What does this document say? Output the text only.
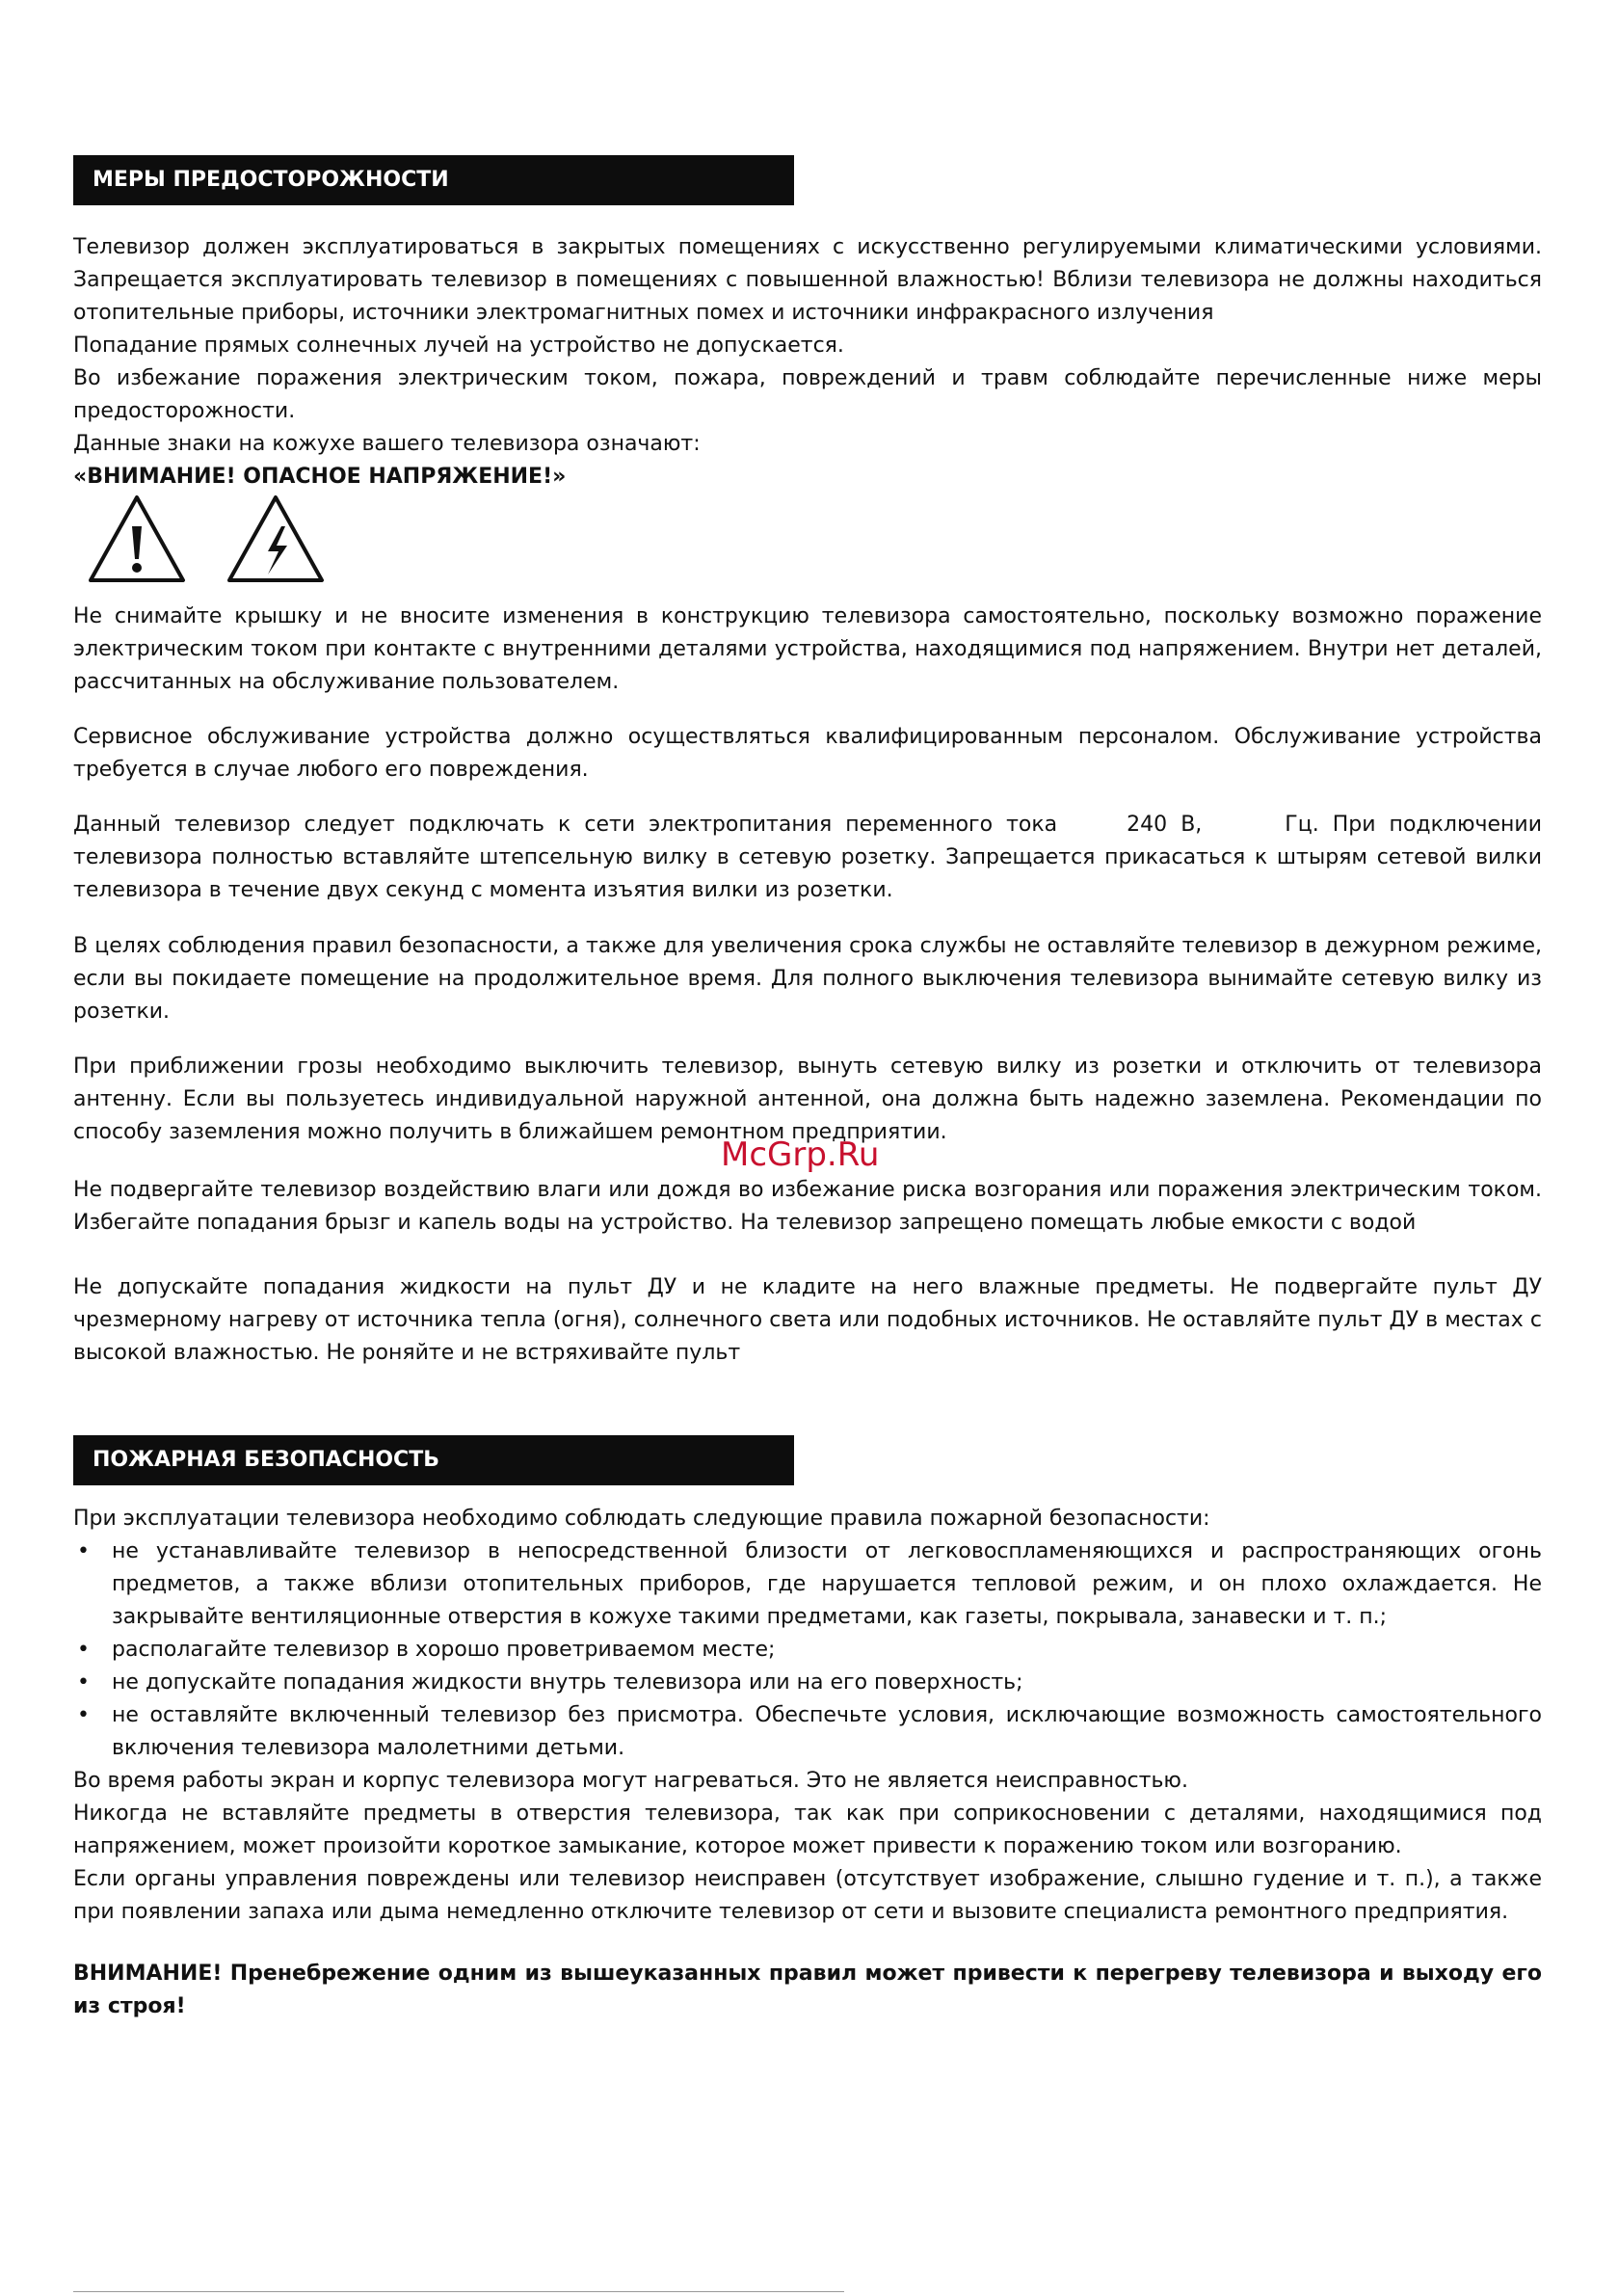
МЕРЫ ПРЕДОСТОРОЖНОСТИ

Телевизор должен эксплуатироваться в закрытых помещениях с искусственно регулируемыми климатическими условиями. Запрещается эксплуатировать телевизор в помещениях с повышенной влажностью! Вблизи телевизора не должны находиться отопительные приборы, источники электромагнитных помех и источники инфракрасного излучения

Попадание прямых солнечных лучей на устройство не допускается.

Во избежание поражения электрическим током, пожара, повреждений и травм соблюдайте перечисленные ниже меры предосторожности.

Данные знаки на кожухе вашего телевизора означают:

«ВНИМАНИЕ! ОПАСНОЕ НАПРЯЖЕНИЕ!»

Не снимайте крышку и не вносите изменения в конструкцию телевизора самостоятельно, поскольку возможно поражение электрическим током при контакте с внутренними деталями устройства, находящимися под напряжением. Внутри нет деталей, рассчитанных на обслуживание пользователем.

Сервисное обслуживание устройства должно осуществляться квалифицированным персоналом. Обслуживание устройства требуется в случае любого его повреждения.

Данный телевизор следует подключать к сети электропитания переменного тока	240 В,	Гц. При подключении телевизора полностью вставляйте штепсельную вилку в сетевую розетку. Запрещается прикасаться к штырям сетевой вилки телевизора в течение двух секунд с момента изъятия вилки из розетки.

В целях соблюдения правил безопасности, а также для увеличения срока службы не оставляйте телевизор в дежурном режиме, если вы покидаете помещение на продолжительное время. Для полного выключения телевизора вынимайте сетевую вилку из розетки.

При приближении грозы необходимо выключить телевизор, вынуть сетевую вилку из розетки и отключить от телевизора антенну. Если вы пользуетесь индивидуальной наружной антенной, она должна быть надежно заземлена. Рекомендации по способу заземления можно получить в ближайшем ремонтном предприятии.

Не подвергайте телевизор воздействию влаги или дождя во избежание риска возгорания или поражения электрическим током. Избегайте попадания брызг и капель воды на устройство. На телевизор запрещено помещать любые емкости с водой

Не допускайте попадания жидкости на пульт ДУ и не кладите на него влажные предметы. Не подвергайте пульт ДУ чрезмерному нагреву от источника тепла (огня), солнечного света или подобных источников. Не оставляйте пульт ДУ в местах с высокой влажностью. Не роняйте и не встряхивайте пульт

ПОЖАРНАЯ БЕЗОПАСНОСТЬ

При эксплуатации телевизора необходимо соблюдать следующие правила пожарной безопасности:

• не устанавливайте телевизор в непосредственной близости от легковоспламеняющихся и распространяющих огонь предметов, а также вблизи отопительных приборов, где нарушается тепловой режим, и он плохо охлаждается. Не закрывайте вентиляционные отверстия в кожухе такими предметами, как газеты, покрывала, занавески и т. п.;
• располагайте телевизор в хорошо проветриваемом месте;
• не допускайте попадания жидкости внутрь телевизора или на его поверхность;
• не оставляйте включенный телевизор без присмотра. Обеспечьте условия, исключающие возможность самостоятельного включения телевизора малолетними детьми.

Во время работы экран и корпус телевизора могут нагреваться. Это не является неисправностью.

Никогда не вставляйте предметы в отверстия телевизора, так как при соприкосновении с деталями, находящимися под напряжением, может произойти короткое замыкание, которое может привести к поражению током или возгоранию.

Если органы управления повреждены или телевизор неисправен (отсутствует изображение, слышно гудение и т. п.), а также при появлении запаха или дыма немедленно отключите телевизор от сети и вызовите специалиста ремонтного предприятия.

ВНИМАНИЕ! Пренебрежение одним из вышеуказанных правил может привести к перегреву телевизора и выходу его из строя!

McGrp.Ru
